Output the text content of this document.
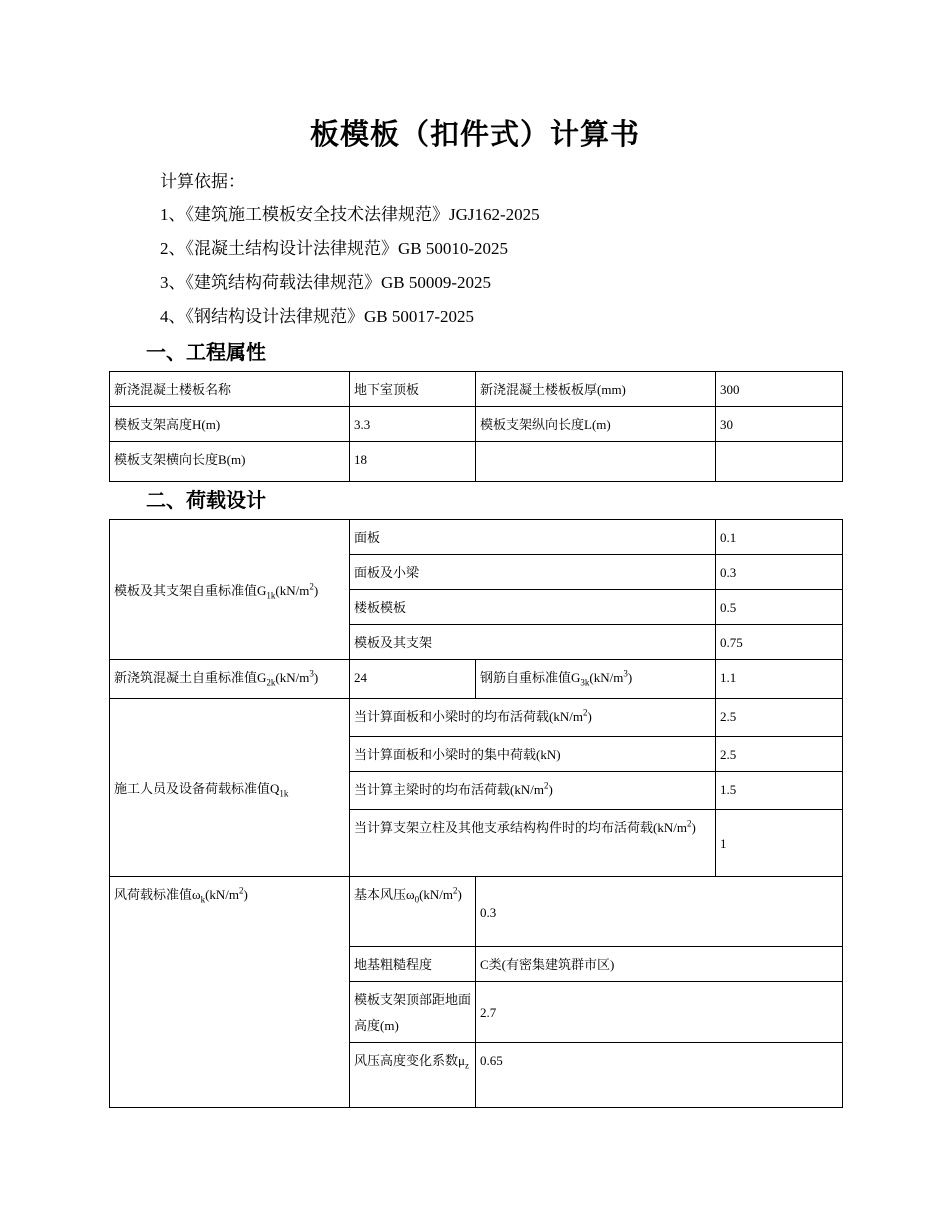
板模板（扣件式）计算书
计算依据：
1、《建筑施工模板安全技术法律规范》JGJ162-2025
2、《混凝土结构设计法律规范》GB 50010-2025
3、《建筑结构荷载法律规范》GB 50009-2025
4、《钢结构设计法律规范》GB 50017-2025
一、工程属性
新浇混凝土楼板名称	地下室顶板	新浇混凝土楼板板厚(mm)	300
模板支架高度H(m)	3.3	模板支架纵向长度L(m)	30
模板支架横向长度B(m)	18		
二、荷载设计
模板及其支架自重标准值$G_{1k}(kN/m^2)$	面板		0.1
	面板及小梁		0.3
	楼板模板		0.5
	模板及其支架		0.75
新浇筑混凝土自重标准值$G_{2k}(kN/m^3)$	24	钢筋自重标准值$G_{3k}(kN/m^3)$	1.1
施工人员及设备荷载标准值$Q_{1k}$	当计算面板和小梁时的均布活荷载$(kN/m^2)$		2.5
	当计算面板和小梁时的集中荷载(kN)		2.5
	当计算主梁时的均布活荷载$(kN/m^2)$		1.5
	当计算支架立柱及其他支承结构构件时的均布活荷载$(kN/m^2)$		1
风荷载标准值$\omega_k(kN/m^2)$	基本风压$\omega_0(kN/m^2)$	0.3	
	地基粗糙程度	C类(有密集建筑群市区)	
	模板支架顶部距地面高度(m)	2.7	
	风压高度变化系数$\mu_z$	0.65	
